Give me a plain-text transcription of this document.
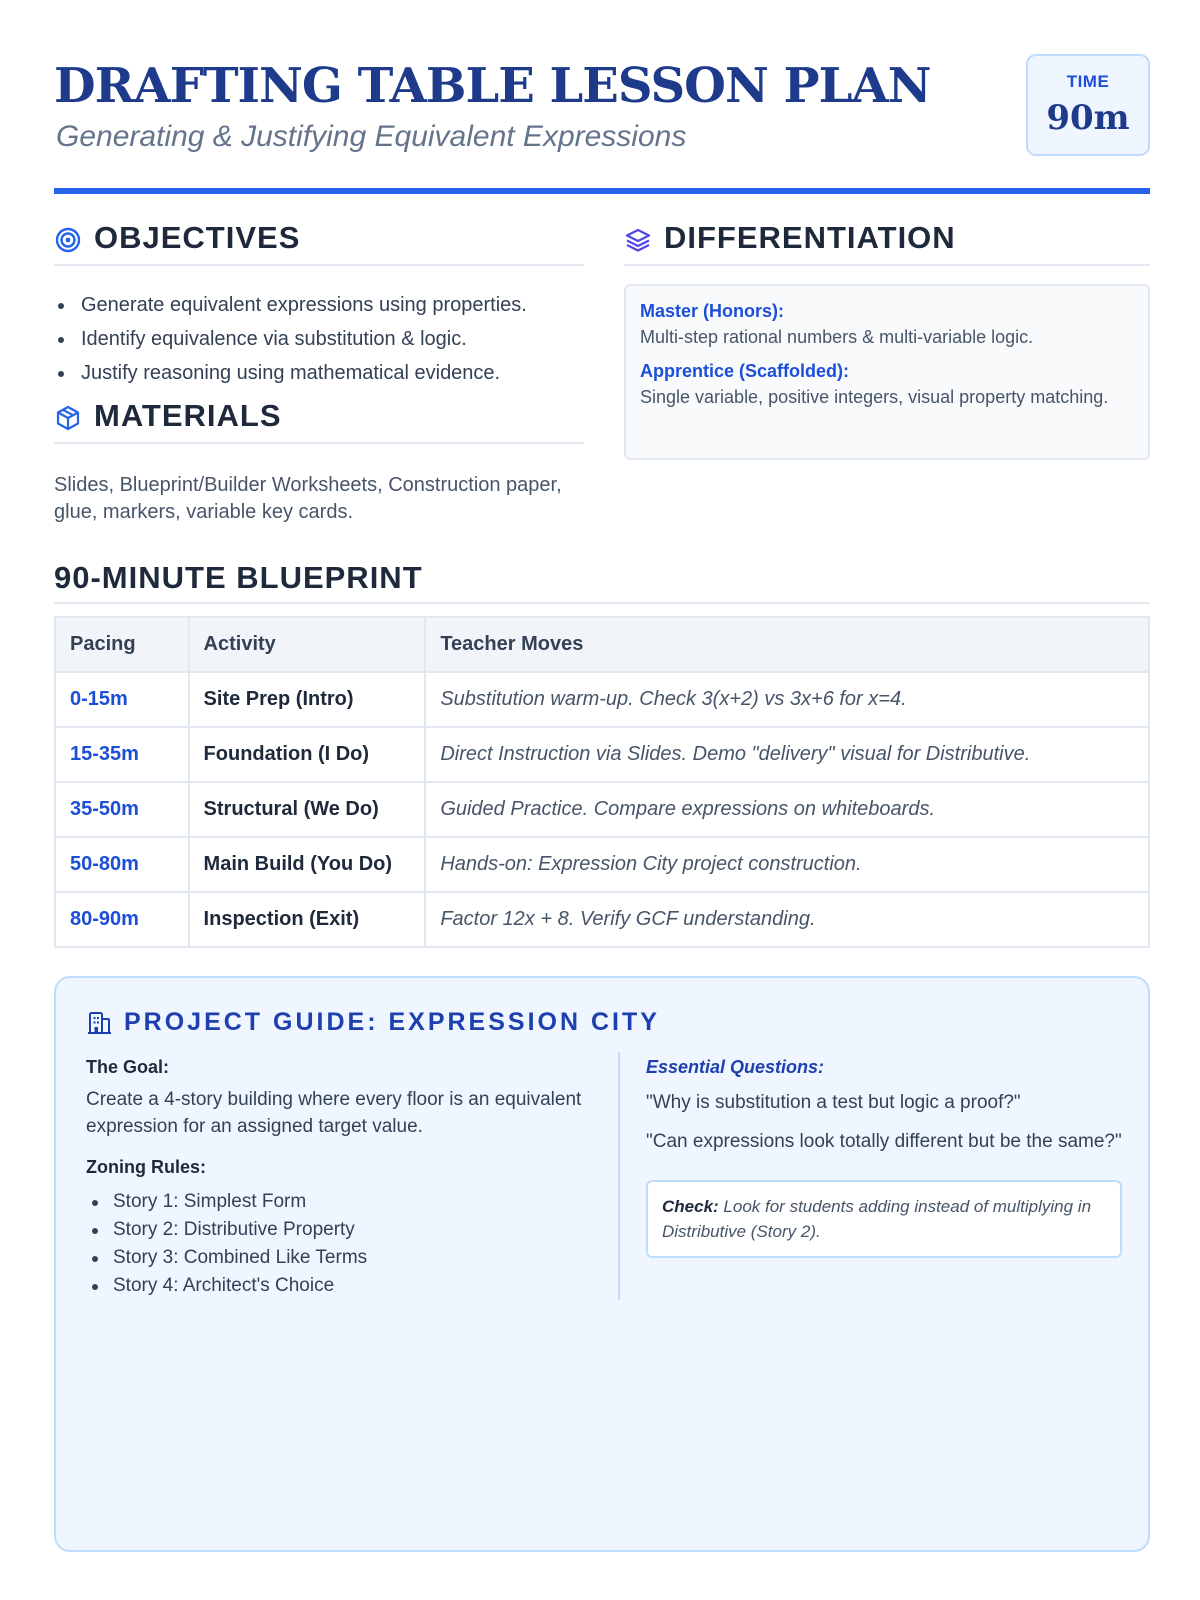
DRAFTING TABLE LESSON PLAN
Generating & Justifying Equivalent Expressions
TIME
90m
OBJECTIVES
Generate equivalent expressions using properties.
Identify equivalence via substitution & logic.
Justify reasoning using mathematical evidence.
MATERIALS
Slides, Blueprint/Builder Worksheets, Construction paper, glue, markers, variable key cards.
DIFFERENTIATION
Master (Honors):
Multi-step rational numbers & multi-variable logic.
Apprentice (Scaffolded):
Single variable, positive integers, visual property matching.
90-MINUTE BLUEPRINT
Pacing	Activity	Teacher Moves
0-15m	Site Prep (Intro)	Substitution warm-up. Check 3(x+2) vs 3x+6 for x=4.
15-35m	Foundation (I Do)	Direct Instruction via Slides. Demo "delivery" visual for Distributive.
35-50m	Structural (We Do)	Guided Practice. Compare expressions on whiteboards.
50-80m	Main Build (You Do)	Hands-on: Expression City project construction.
80-90m	Inspection (Exit)	Factor 12x + 8. Verify GCF understanding.
PROJECT GUIDE: EXPRESSION CITY
The Goal:
Create a 4-story building where every floor is an equivalent expression for an assigned target value.
Zoning Rules:
Story 1: Simplest Form
Story 2: Distributive Property
Story 3: Combined Like Terms
Story 4: Architect's Choice
Essential Questions:
"Why is substitution a test but logic a proof?"
"Can expressions look totally different but be the same?"
Check: Look for students adding instead of multiplying in Distributive (Story 2).
